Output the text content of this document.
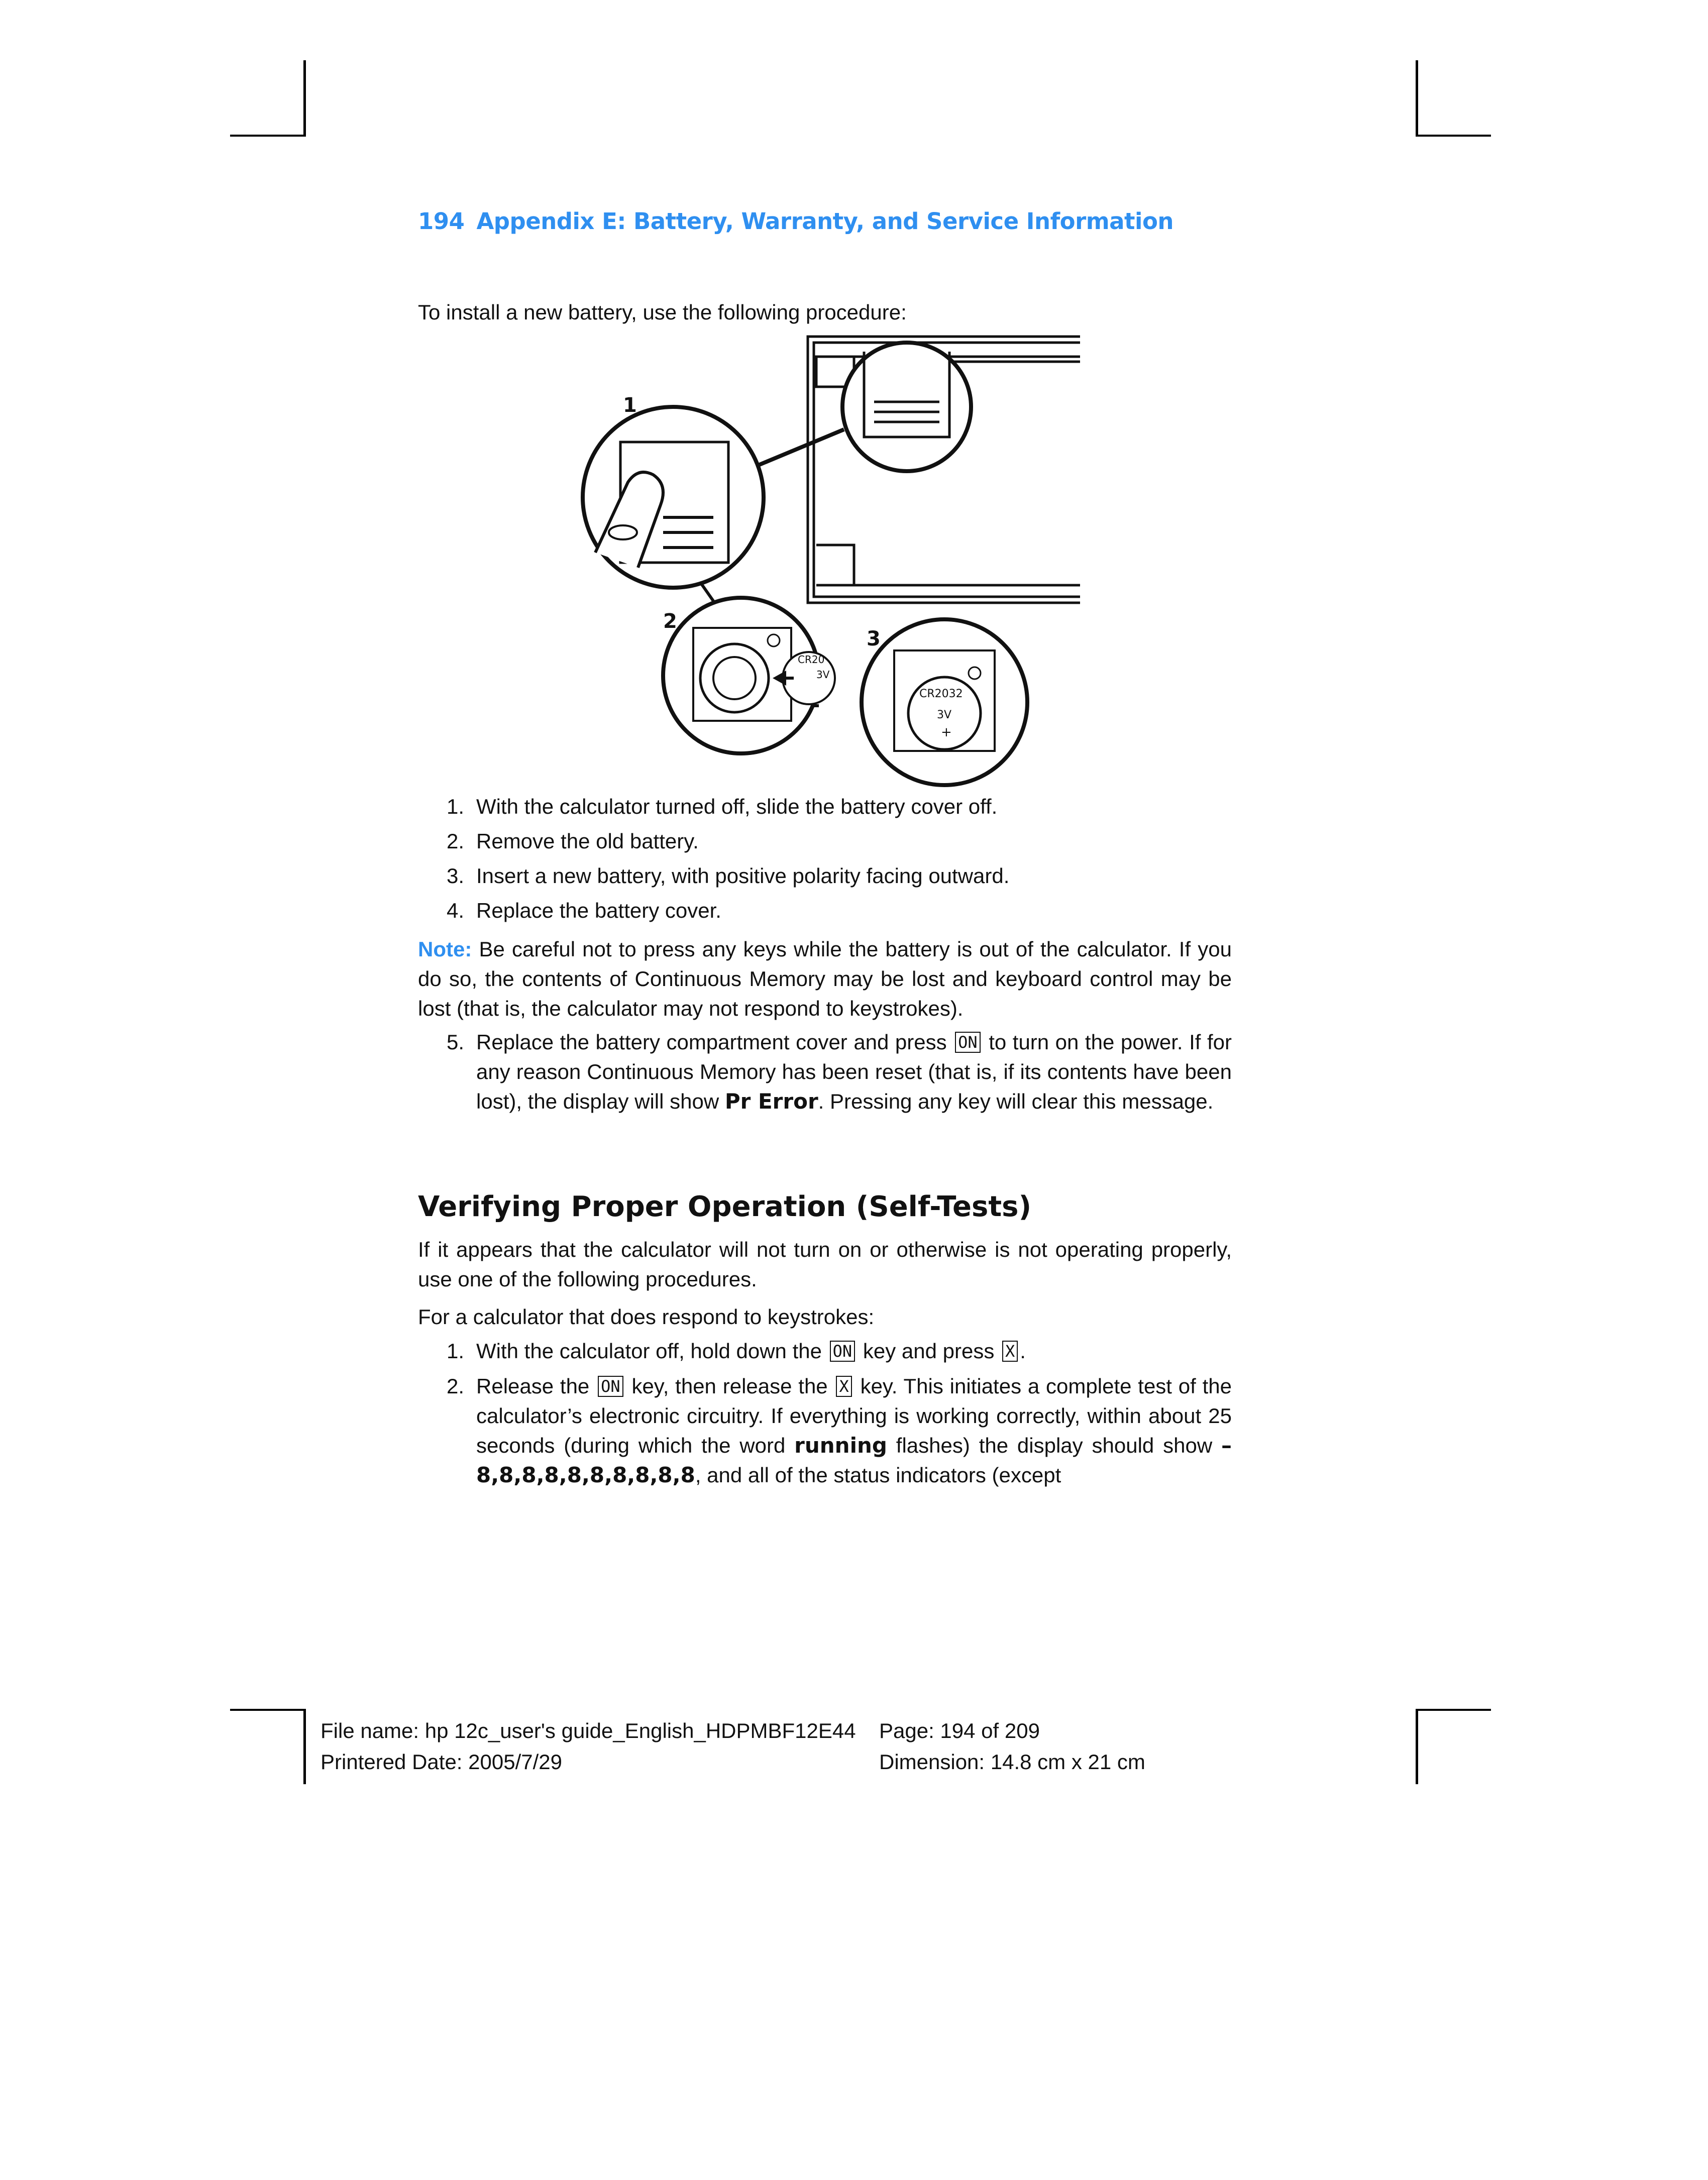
194 Appendix E: Battery, Warranty, and Service Information
To install a new battery, use the following procedure:
1
2
CR20
3V
3
CR2032
3V
+
1. With the calculator turned off, slide the battery cover off.
2. Remove the old battery.
3. Insert a new battery, with positive polarity facing outward.
4. Replace the battery cover.
Note: Be careful not to press any keys while the battery is out of the calculator. If you do so, the contents of Continuous Memory may be lost and keyboard control may be lost (that is, the calculator may not respond to keystrokes).
5. Replace the battery compartment cover and press ON to turn on the power. If for any reason Continuous Memory has been reset (that is, if its contents have been lost), the display will show Pr Error. Pressing any key will clear this message.
Verifying Proper Operation (Self-Tests)
If it appears that the calculator will not turn on or otherwise is not operating properly, use one of the following procedures.
For a calculator that does respond to keystrokes:
1. With the calculator off, hold down the ON key and press X .
2. Release the ON key, then release the X key. This initiates a complete test of the calculator’s electronic circuitry. If everything is working correctly, within about 25 seconds (during which the word running flashes) the display should show –8,8,8,8,8,8,8,8,8,8, and all of the status indicators (except
File name: hp 12c_user's guide_English_HDPMBF12E44
Printered Date: 2005/7/29
Page: 194 of 209
Dimension: 14.8 cm x 21 cm
